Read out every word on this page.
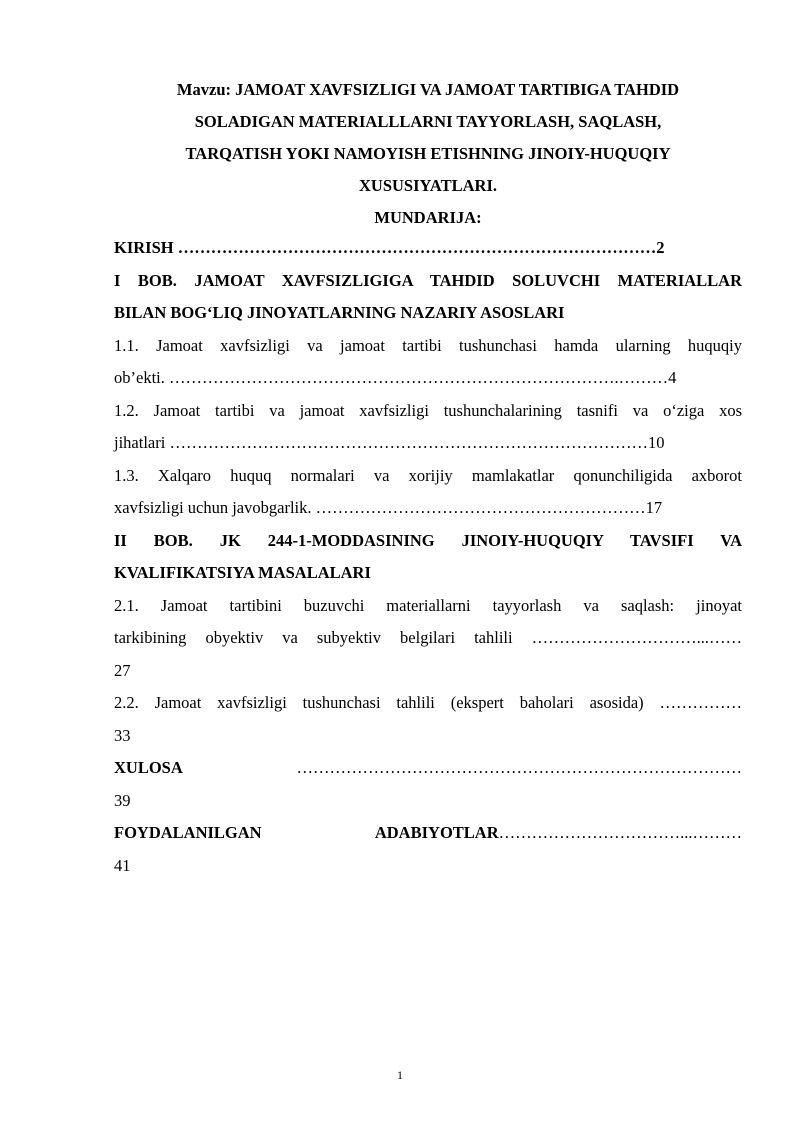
Mavzu: JAMOAT XAVFSIZLIGI VA JAMOAT TARTIBIGA TAHDID
SOLADIGAN MATERIALLLARNI TAYYORLASH, SAQLASH,
TARQATISH YOKI NAMOYISH ETISHNING JINOIY-HUQUQIY
XUSUSIYATLARI.
MUNDARIJA:
KIRISH ……………………………………………………………………………2
I BOB. JAMOAT XAVFSIZLIGIGA TAHDID SOLUVCHI MATERIALLAR
BILAN BOG‘LIQ JINOYATLARNING NAZARIY ASOSLARI
1.1. Jamoat xavfsizligi va jamoat tartibi tushunchasi hamda ularning huquqiy
ob’ekti. ……………………………………………………………………….………4
1.2. Jamoat tartibi va jamoat xavfsizligi tushunchalarining tasnifi va o‘ziga xos
jihatlari ……………………………………………………………………………10
1.3. Xalqaro huquq normalari va xorijiy mamlakatlar qonunchiligida axborot
xavfsizligi uchun javobgarlik. ……………………………………………………17
II BOB. JK 244-1-MODDASINING JINOIY-HUQUQIY TAVSIFI VA
KVALIFIKATSIYA MASALALARI
2.1. Jamoat tartibini buzuvchi materiallarni tayyorlash va saqlash: jinoyat
tarkibining obyektiv va subyektiv belgilari tahlili …………………………...……
27
2.2. Jamoat xavfsizligi tushunchasi tahlili (ekspert baholari asosida) ……………
33
XULOSA	………………………………………………………………………
39
FOYDALANILGAN ADABIYOTLAR……………………………...………
41
1
